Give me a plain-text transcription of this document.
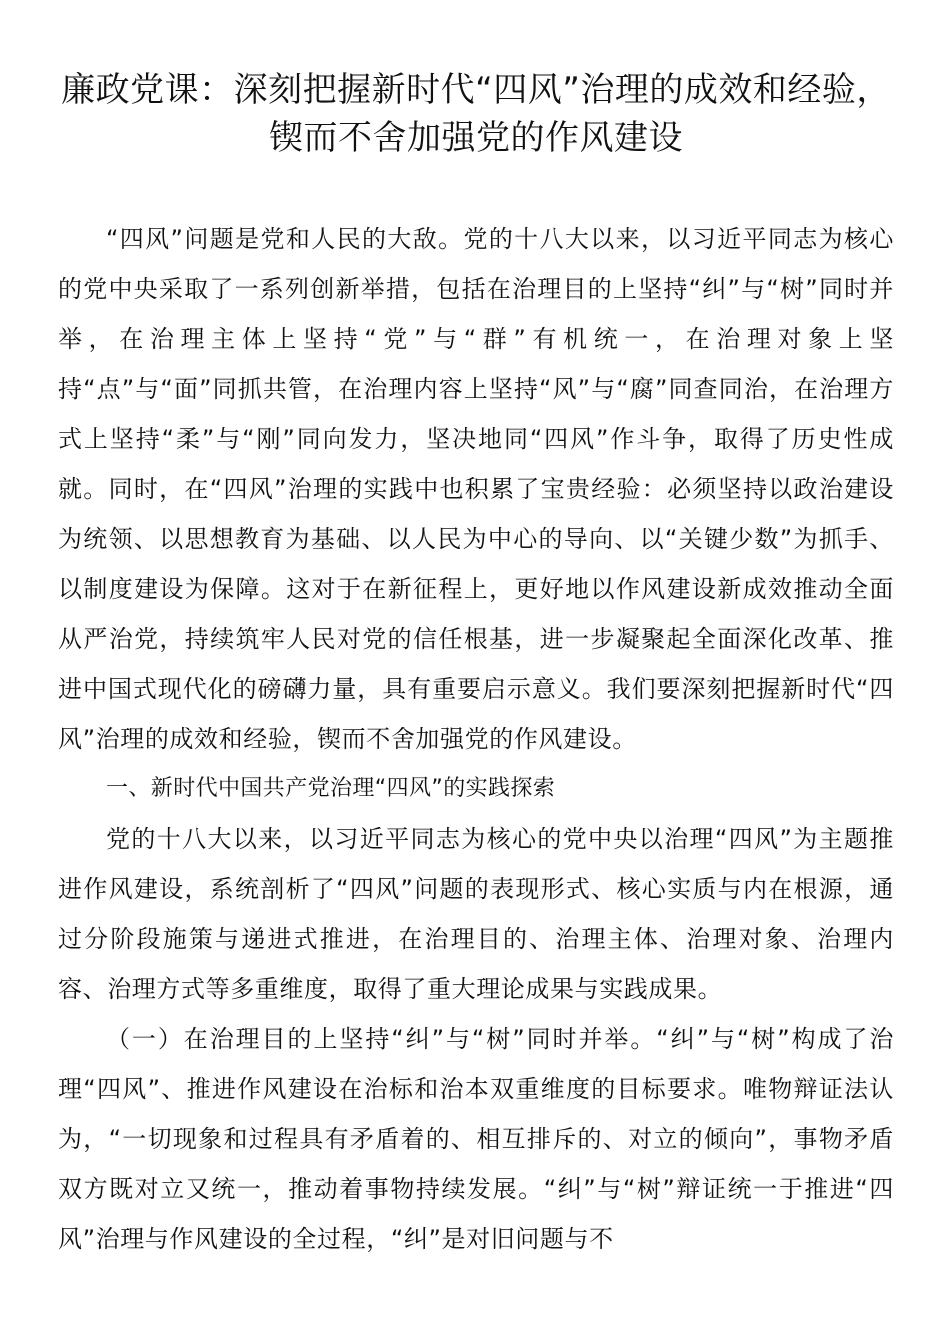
廉政党课：深刻把握新时代“四风”治理的成效和经验，锲而不舍加强党的作风建设

“四风”问题是党和人民的大敌。党的十八大以来，以习近平同志为核心的党中央采取了一系列创新举措，包括在治理目的上坚持“纠”与“树”同时并举，在治理主体上坚持“党”与“群”有机统一，在治理对象上坚持“点”与“面”同抓共管，在治理内容上坚持“风”与“腐”同查同治，在治理方式上坚持“柔”与“刚”同向发力，坚决地同“四风”作斗争，取得了历史性成就。同时，在“四风”治理的实践中也积累了宝贵经验：必须坚持以政治建设为统领、以思想教育为基础、以人民为中心的导向、以“关键少数”为抓手、以制度建设为保障。这对于在新征程上，更好地以作风建设新成效推动全面从严治党，持续筑牢人民对党的信任根基，进一步凝聚起全面深化改革、推进中国式现代化的磅礴力量，具有重要启示意义。我们要深刻把握新时代“四风”治理的成效和经验，锲而不舍加强党的作风建设。

一、新时代中国共产党治理“四风”的实践探索

党的十八大以来，以习近平同志为核心的党中央以治理“四风”为主题推进作风建设，系统剖析了“四风”问题的表现形式、核心实质与内在根源，通过分阶段施策与递进式推进，在治理目的、治理主体、治理对象、治理内容、治理方式等多重维度，取得了重大理论成果与实践成果。

（一）在治理目的上坚持“纠”与“树”同时并举。“纠”与“树”构成了治理“四风”、推进作风建设在治标和治本双重维度的目标要求。唯物辩证法认为，“一切现象和过程具有矛盾着的、相互排斥的、对立的倾向”，事物矛盾双方既对立又统一，推动着事物持续发展。“纠”与“树”辩证统一于推进“四风”治理与作风建设的全过程，“纠”是对旧问题与不
